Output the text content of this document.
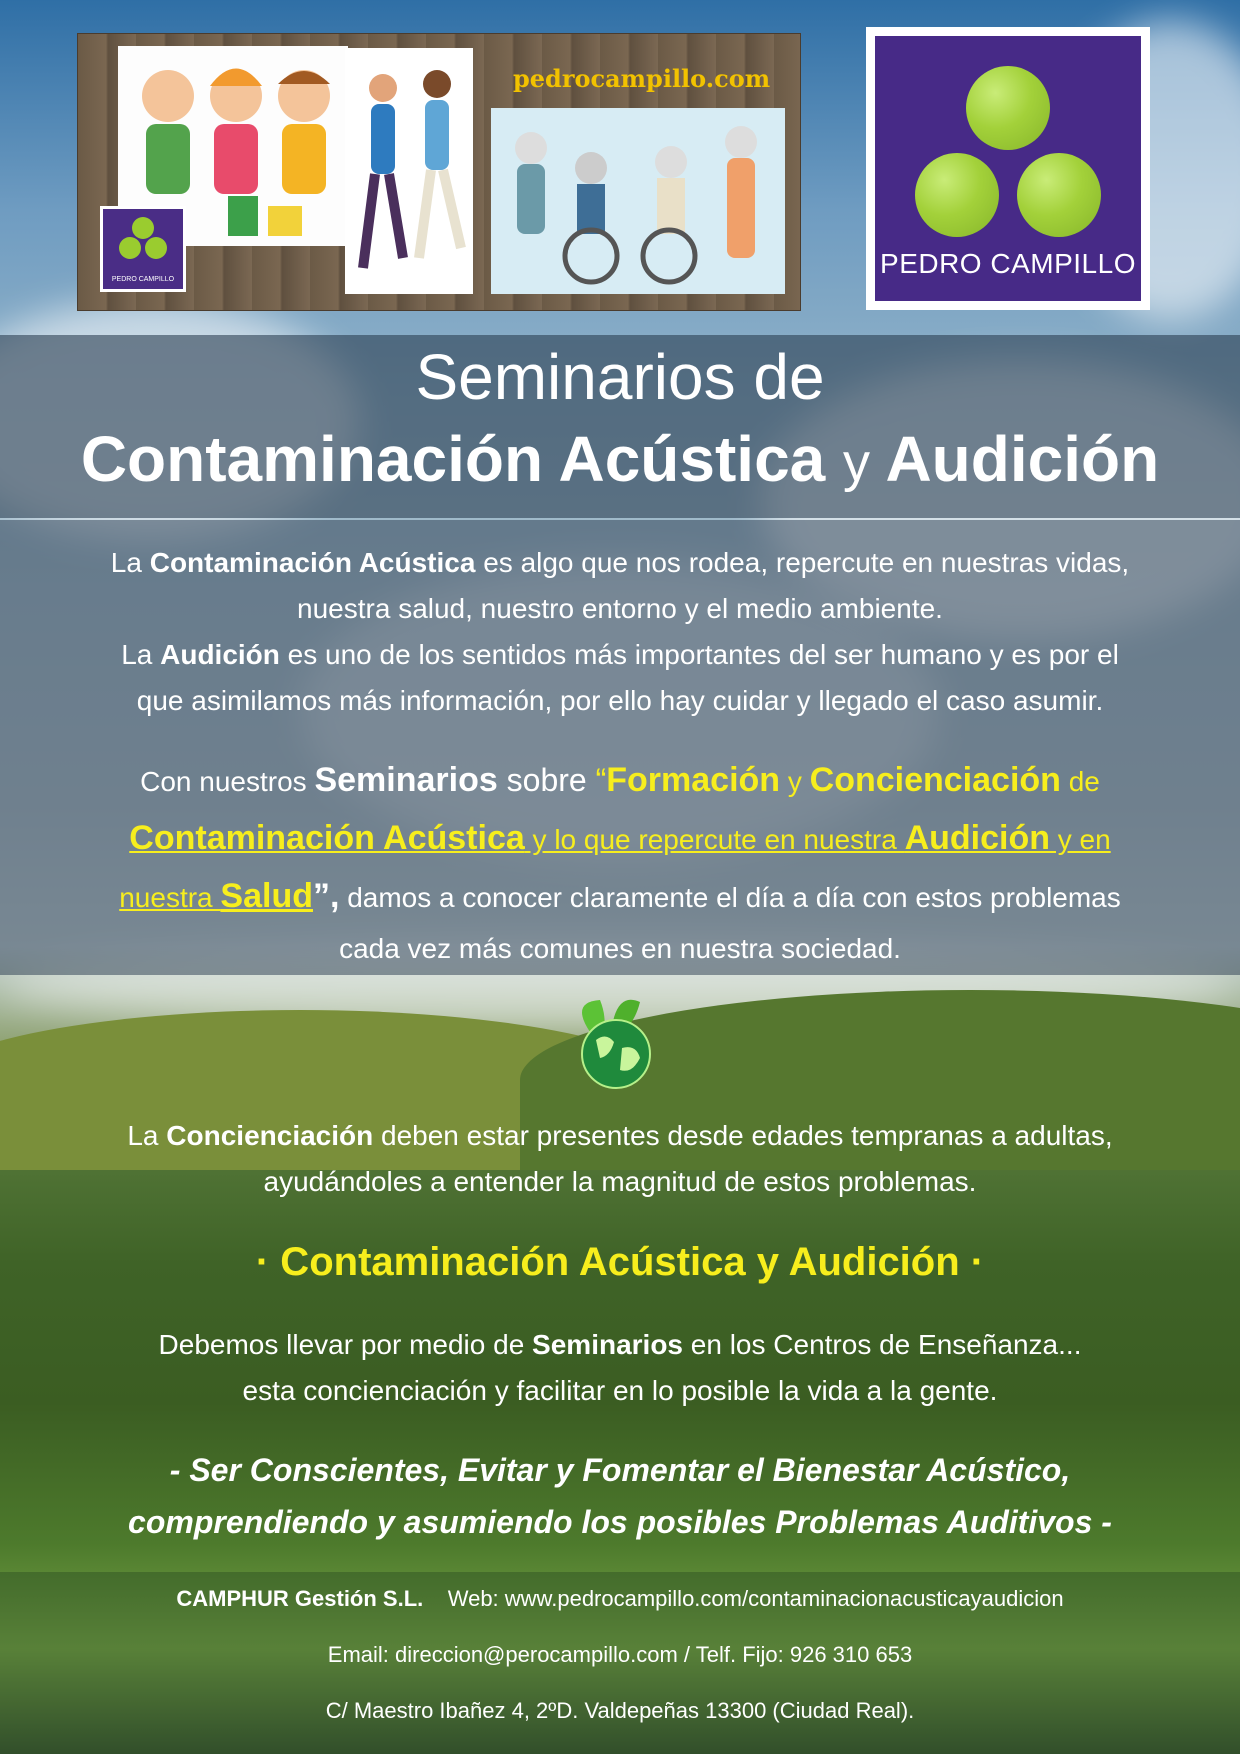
pedrocampillo.com
PEDRO CAMPILLO
PEDRO CAMPILLO
Seminarios de
Contaminación Acústica y Audición
La Contaminación Acústica es algo que nos rodea, repercute en nuestras vidas,
nuestra salud, nuestro entorno y el medio ambiente.
La Audición es uno de los sentidos más importantes del ser humano y es por el
que asimilamos más información, por ello hay cuidar y llegado el caso asumir.
Con nuestros Seminarios sobre “Formación y Concienciación de
Contaminación Acústica y lo que repercute en nuestra Audición y en
nuestra Salud”, damos a conocer claramente el día a día con estos problemas
cada vez más comunes en nuestra sociedad.
La Concienciación deben estar presentes desde edades tempranas a adultas,
ayudándoles a entender la magnitud de estos problemas.
· Contaminación Acústica y Audición ·
Debemos llevar por medio de Seminarios en los Centros de Enseñanza...
esta concienciación y facilitar en lo posible la vida a la gente.
- Ser Conscientes, Evitar y Fomentar el Bienestar Acústico,
comprendiendo y asumiendo los posibles Problemas Auditivos -
CAMPHUR Gestión S.L. Web: www.pedrocampillo.com/contaminacionacusticayaudicion
Email: direccion@perocampillo.com / Telf. Fijo: 926 310 653
C/ Maestro Ibañez 4, 2ºD. Valdepeñas 13300 (Ciudad Real).
